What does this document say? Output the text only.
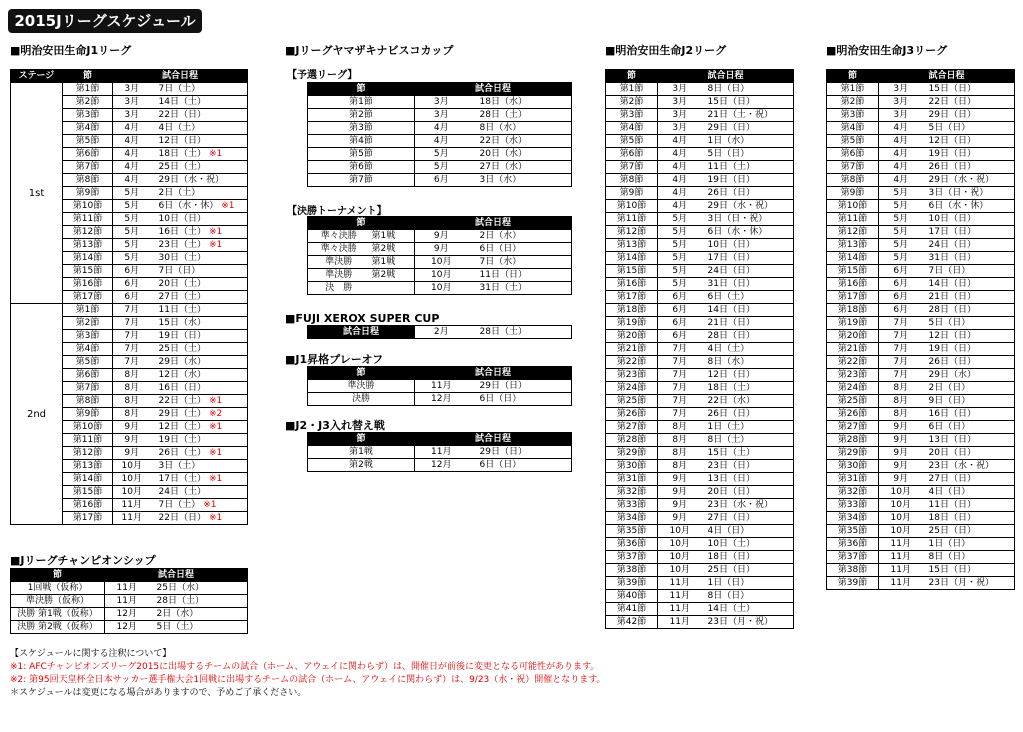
2015Jリーグスケジュール
■明治安田生命J1リーグ
ステージ	節	試合日程	
1st	第1節	3月	7日（土）
	第2節	3月	14日（土）
	第3節	3月	22日（日）
	第4節	4月	4日（土）
	第5節	4月	12日（日）
	第6節	4月	18日（土） ※1
	第7節	4月	25日（土）
	第8節	4月	29日（水・祝）
	第9節	5月	2日（土）
	第10節	5月	6日（水・休） ※1
	第11節	5月	10日（日）
	第12節	5月	16日（土） ※1
	第13節	5月	23日（土） ※1
	第14節	5月	30日（土）
	第15節	6月	7日（日）
	第16節	6月	20日（土）
	第17節	6月	27日（土）
2nd	第1節	7月	11日（土）
	第2節	7月	15日（水）
	第3節	7月	19日（日）
	第4節	7月	25日（土）
	第5節	7月	29日（水）
	第6節	8月	12日（水）
	第7節	8月	16日（日）
	第8節	8月	22日（土） ※1
	第9節	8月	29日（土） ※2
	第10節	9月	12日（土） ※1
	第11節	9月	19日（土）
	第12節	9月	26日（土） ※1
	第13節	10月	3日（土）
	第14節	10月	17日（土） ※1
	第15節	10月	24日（土）
	第16節	11月	7日（土） ※1
	第17節	11月	22日（日） ※1
■Jリーグチャンピオンシップ
節	試合日程	
1回戦（仮称）	11月	25日（水）
準決勝（仮称）	11月	28日（土）
決勝 第1戦（仮称）	12月	2日（水）
決勝 第2戦（仮称）	12月	5日（土）
■Jリーグヤマザキナビスコカップ
【予選リーグ】
節	試合日程	
第1節	3月	18日（水）
第2節	3月	28日（土）
第3節	4月	8日（水）
第4節	4月	22日（水）
第5節	5月	20日（水）
第6節	5月	27日（水）
第7節	6月	3日（水）
【決勝トーナメント】
節		試合日程	
準々決勝	第1戦	9月	2日（水）
準々決勝	第2戦	9月	6日（日）
準決勝	第1戦	10月	7日（水）
準決勝	第2戦	10月	11日（日）
決　勝		10月	31日（土）
■FUJI XEROX SUPER CUP
試合日程	2月	28日（土）
■J1昇格プレーオフ
節	試合日程	
準決勝	11月	29日（日）
決勝	12月	6日（日）
■J2・J3入れ替え戦
節	試合日程	
第1戦	11月	29日（日）
第2戦	12月	6日（日）
■明治安田生命J2リーグ
節	試合日程	
第1節	3月	8日（日）
第2節	3月	15日（日）
第3節	3月	21日（土・祝）
第4節	3月	29日（日）
第5節	4月	1日（水）
第6節	4月	5日（日）
第7節	4月	11日（土）
第8節	4月	19日（日）
第9節	4月	26日（日）
第10節	4月	29日（水・祝）
第11節	5月	3日（日・祝）
第12節	5月	6日（水・休）
第13節	5月	10日（日）
第14節	5月	17日（日）
第15節	5月	24日（日）
第16節	5月	31日（日）
第17節	6月	6日（土）
第18節	6月	14日（日）
第19節	6月	21日（日）
第20節	6月	28日（日）
第21節	7月	4日（土）
第22節	7月	8日（水）
第23節	7月	12日（日）
第24節	7月	18日（土）
第25節	7月	22日（水）
第26節	7月	26日（日）
第27節	8月	1日（土）
第28節	8月	8日（土）
第29節	8月	15日（土）
第30節	8月	23日（日）
第31節	9月	13日（日）
第32節	9月	20日（日）
第33節	9月	23日（水・祝）
第34節	9月	27日（日）
第35節	10月	4日（日）
第36節	10月	10日（土）
第37節	10月	18日（日）
第38節	10月	25日（日）
第39節	11月	1日（日）
第40節	11月	8日（日）
第41節	11月	14日（土）
第42節	11月	23日（月・祝）
■明治安田生命J3リーグ
節	試合日程	
第1節	3月	15日（日）
第2節	3月	22日（日）
第3節	3月	29日（日）
第4節	4月	5日（日）
第5節	4月	12日（日）
第6節	4月	19日（日）
第7節	4月	26日（日）
第8節	4月	29日（水・祝）
第9節	5月	3日（日・祝）
第10節	5月	6日（水・休）
第11節	5月	10日（日）
第12節	5月	17日（日）
第13節	5月	24日（日）
第14節	5月	31日（日）
第15節	6月	7日（日）
第16節	6月	14日（日）
第17節	6月	21日（日）
第18節	6月	28日（日）
第19節	7月	5日（日）
第20節	7月	12日（日）
第21節	7月	19日（日）
第22節	7月	26日（日）
第23節	7月	29日（水）
第24節	8月	2日（日）
第25節	8月	9日（日）
第26節	8月	16日（日）
第27節	9月	6日（日）
第28節	9月	13日（日）
第29節	9月	20日（日）
第30節	9月	23日（水・祝）
第31節	9月	27日（日）
第32節	10月	4日（日）
第33節	10月	11日（日）
第34節	10月	18日（日）
第35節	10月	25日（日）
第36節	11月	1日（日）
第37節	11月	8日（日）
第38節	11月	15日（日）
第39節	11月	23日（月・祝）
【スケジュールに関する注釈について】
※1: AFCチャンピオンズリーグ2015に出場するチームの試合（ホーム、アウェイに関わらず）は、開催日が前後に変更となる可能性があります。
※2: 第95回天皇杯全日本サッカー選手権大会1回戦に出場するチームの試合（ホーム、アウェイに関わらず）は、9/23（水・祝）開催となります。
＊スケジュールは変更になる場合がありますので、予めご了承ください。
